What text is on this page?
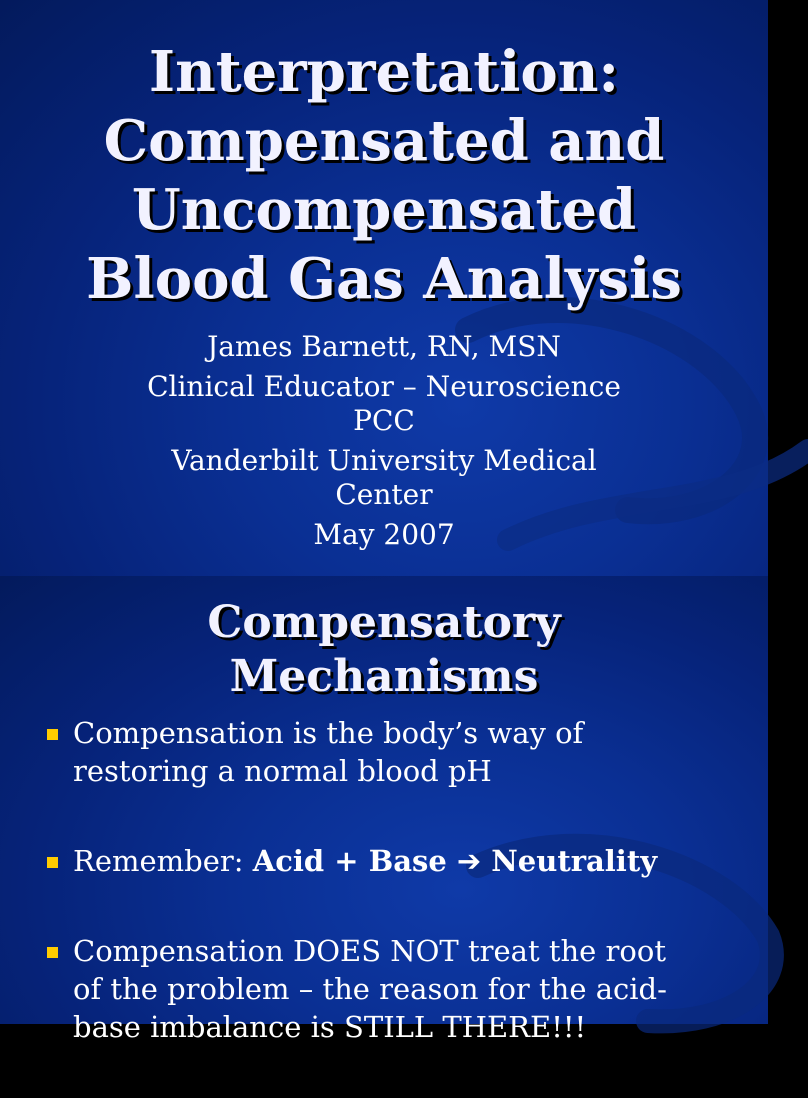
Interpretation:
Compensated and
Uncompensated
Blood Gas Analysis
James Barnett, RN, MSN
Clinical Educator – Neuroscience
PCC
Vanderbilt University Medical
Center
May 2007
Compensatory
Mechanisms
Compensation is the body’s way of
restoring a normal blood pH
Remember: Acid + Base ➔ Neutrality
Compensation DOES NOT treat the root
of the problem – the reason for the acid-
base imbalance is STILL THERE!!!
